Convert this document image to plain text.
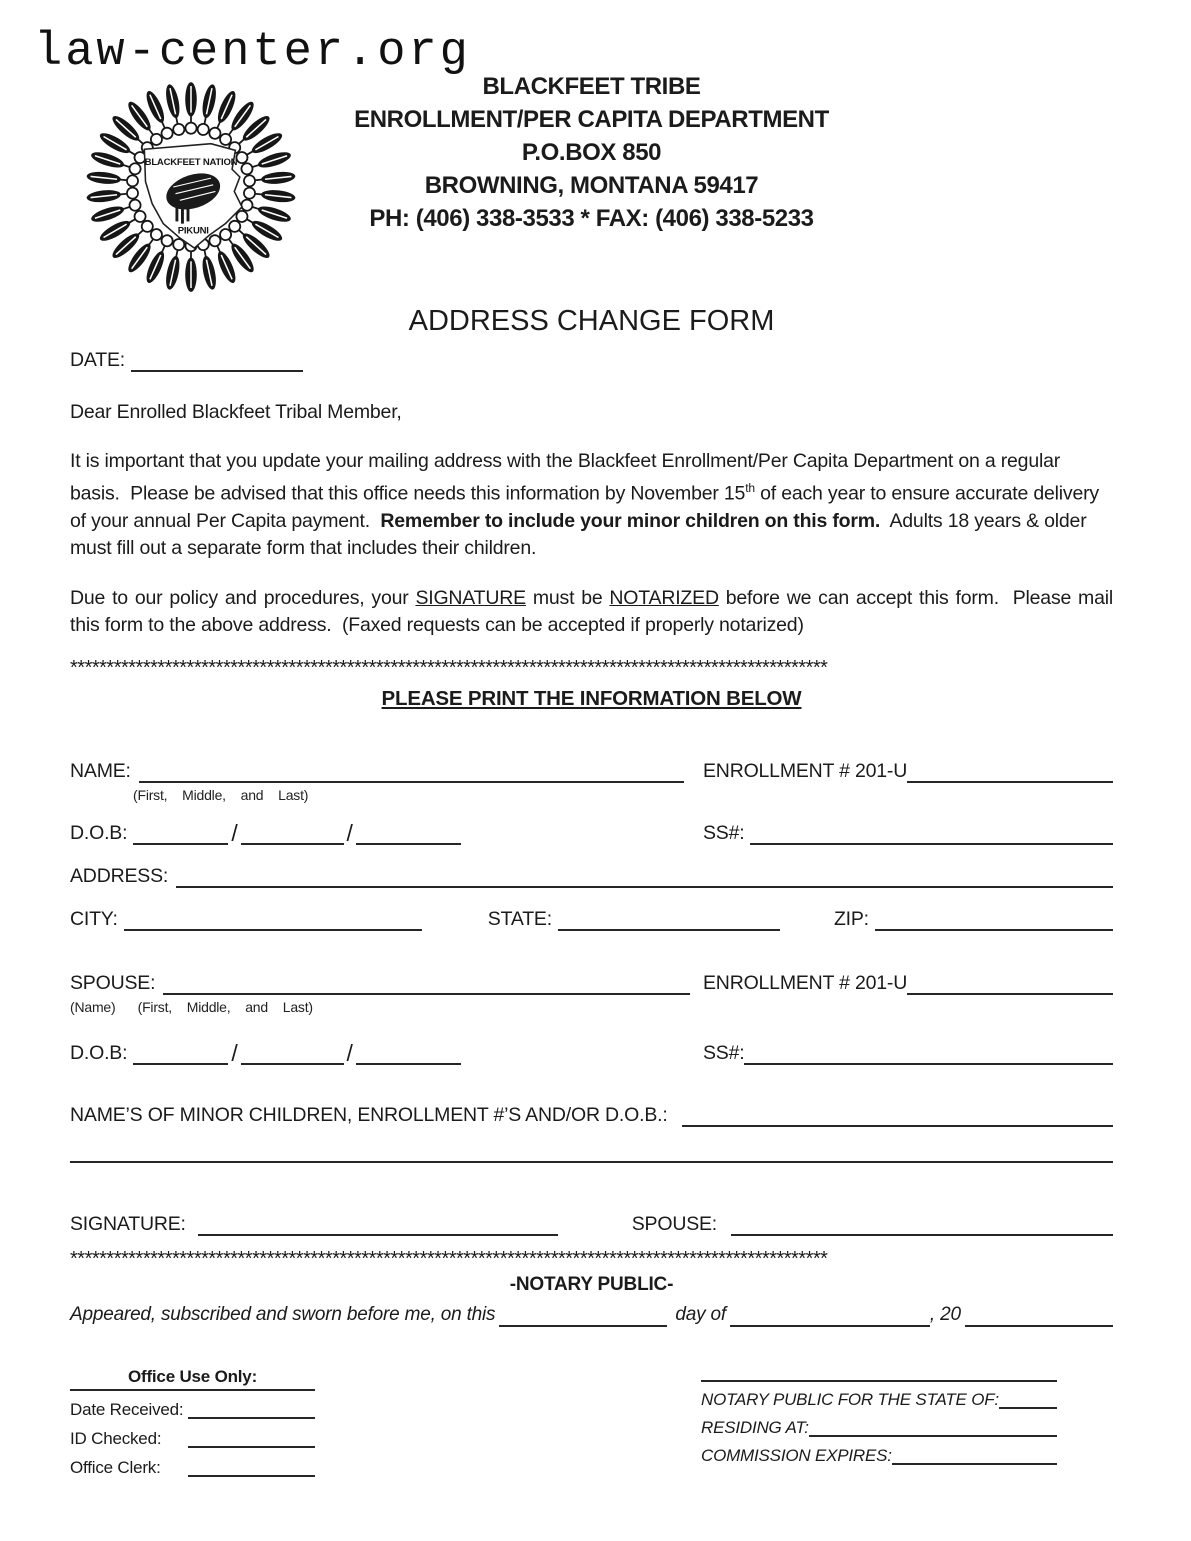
law-center.org
BLACKFEET NATION
PIKUNI
BLACKFEET TRIBE
ENROLLMENT/PER CAPITA DEPARTMENT
P.O.BOX 850
BROWNING, MONTANA 59417
PH: (406) 338-3533 * FAX: (406) 338-5233
ADDRESS CHANGE FORM
DATE:

Dear Enrolled Blackfeet Tribal Member,

It is important that you update your mailing address with the Blackfeet Enrollment/Per Capita Department on a regular basis.  Please be advised that this office needs this information by November 15th of each year to ensure accurate delivery of your annual Per Capita payment.  Remember to include your minor children on this form.  Adults 18 years & older must fill out a separate form that includes their children.

Due to our policy and procedures, your SIGNATURE must be NOTARIZED before we can accept this form.  Please mail this form to the above address.  (Faxed requests can be accepted if properly notarized)

********************************************************************************************************
PLEASE PRINT THE INFORMATION BELOW
NAME:	ENROLLMENT # 201-U
(First,    Middle,    and    Last)
D.O.B:	/	/	SS#:
ADDRESS:
CITY:	STATE:	ZIP:
SPOUSE:	ENROLLMENT # 201-U
(Name)      (First,    Middle,    and    Last)
D.O.B:	/	/	SS#:
NAME’S OF MINOR CHILDREN, ENROLLMENT #’S AND/OR D.O.B.:
SIGNATURE:	SPOUSE:
********************************************************************************************************
-NOTARY PUBLIC-
Appeared, subscribed and sworn before me, on this	day of	, 20
Office Use Only:
Date Received:
ID Checked:
Office Clerk:
NOTARY PUBLIC FOR THE STATE OF:
RESIDING AT:
COMMISSION EXPIRES:
